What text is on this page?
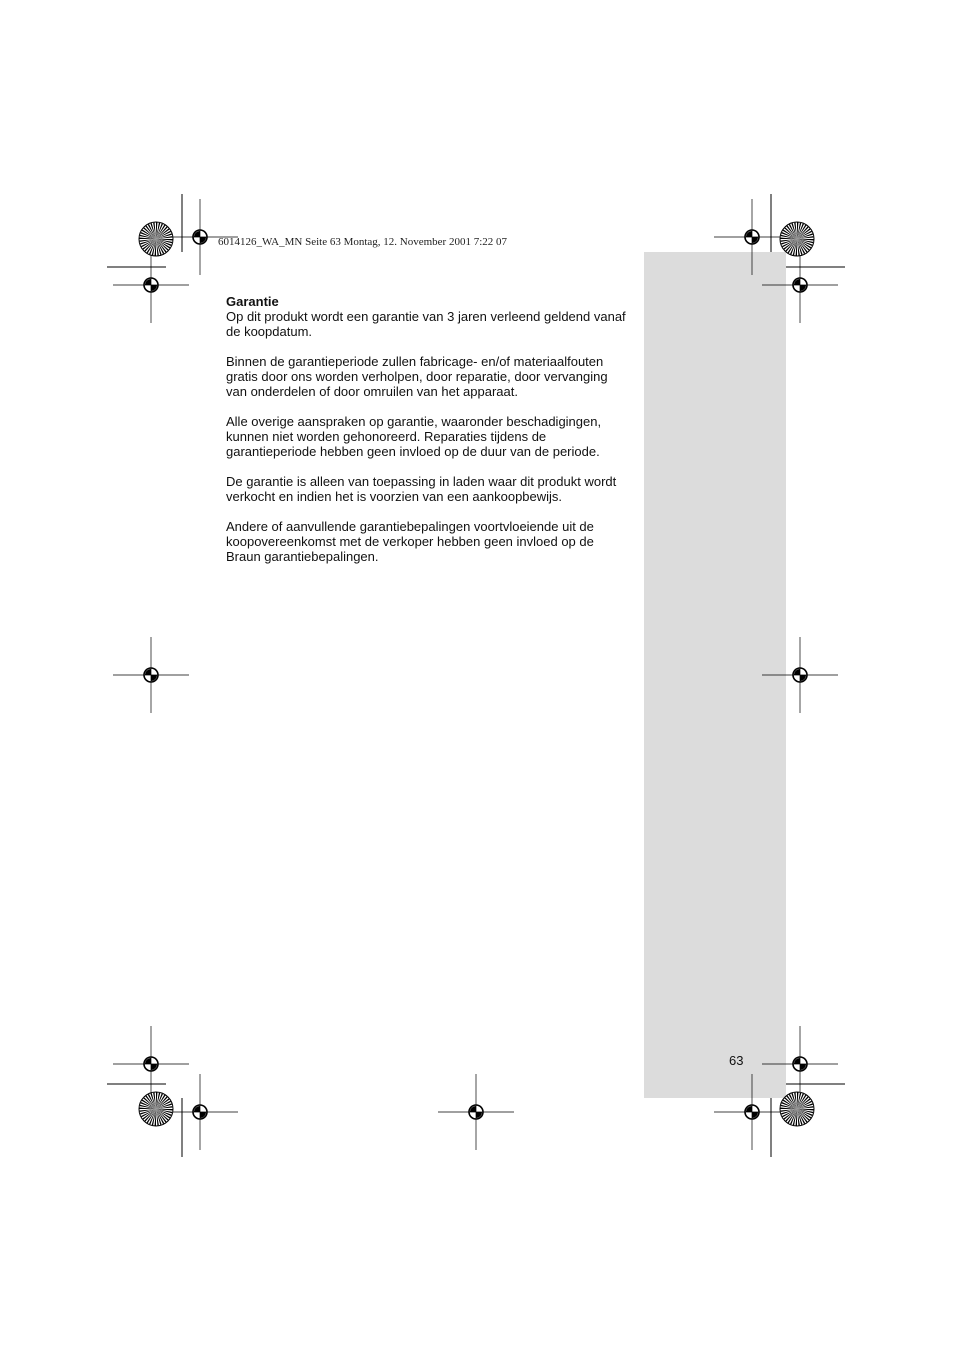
6014126_WA_MN Seite 63 Montag, 12. November 2001 7:22 07
Garantie

Op dit produkt wordt een garantie van 3 jaren verleend geldend vanaf de koopdatum.

Binnen de garantieperiode zullen fabricage- en/of materiaalfouten gratis door ons worden verholpen, door reparatie, door vervanging van onderdelen of door omruilen van het apparaat.

Alle overige aanspraken op garantie, waaronder beschadigingen, kunnen niet worden gehonoreerd. Reparaties tijdens de garantieperiode hebben geen invloed op de duur van de periode.

De garantie is alleen van toepassing in laden waar dit produkt wordt verkocht en indien het is voorzien van een aankoopbewijs.

Andere of aanvullende garantiebepalingen voortvloeiende uit de koopovereenkomst met de verkoper hebben geen invloed op de Braun garantiebepalingen.

63
